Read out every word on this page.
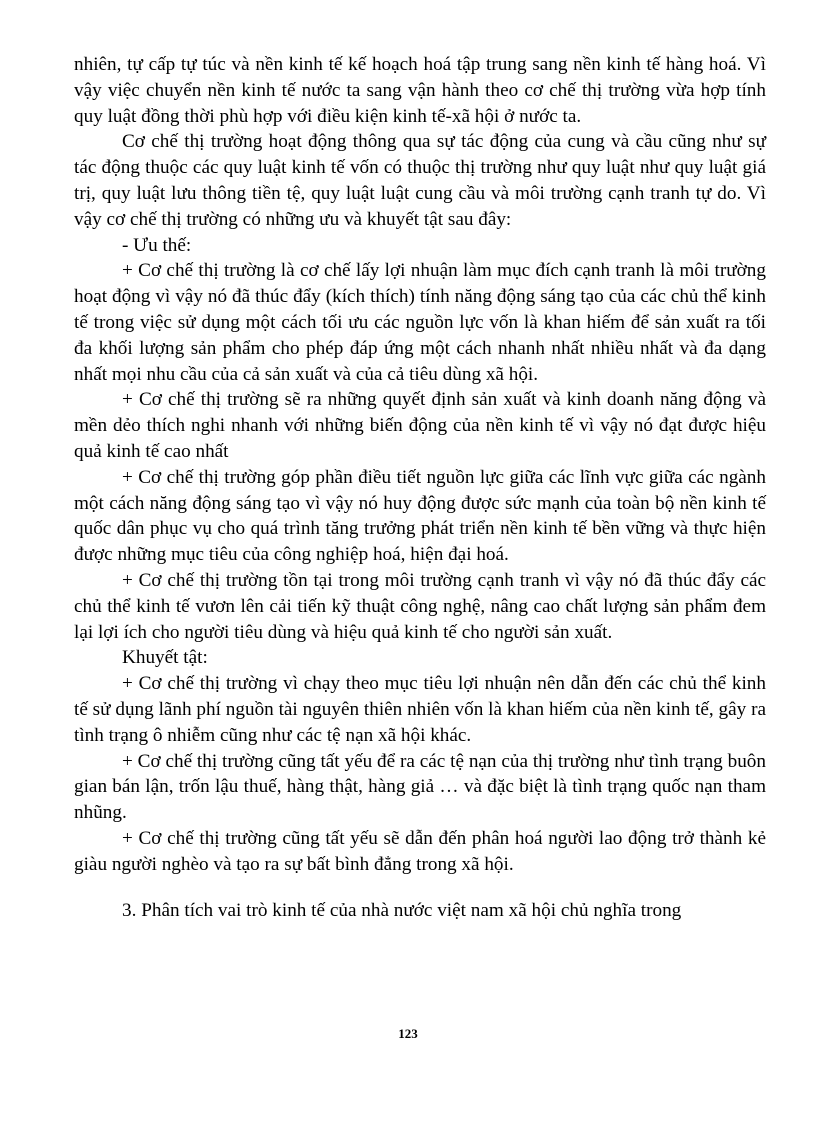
nhiên, tự cấp tự túc và nền kinh tế kế hoạch hoá tập trung sang nền kinh tế hàng hoá. Vì vậy việc chuyển nền kinh tế nước ta sang vận hành theo cơ chế thị trường vừa hợp tính quy luật đồng thời phù hợp với điều kiện kinh tế-xã hội ở nước ta.

Cơ chế thị trường hoạt động thông qua sự tác động của cung và cầu cũng như sự tác động thuộc các quy luật kinh tế vốn có thuộc thị trường như quy luật như quy luật giá trị, quy luật lưu thông tiền tệ, quy luật luật cung cầu và môi trường cạnh tranh tự do. Vì vậy cơ chế thị trường có những ưu và khuyết tật sau đây:

- Ưu thế:

+ Cơ chế thị trường là cơ chế lấy lợi nhuận làm mục đích cạnh tranh là môi trường hoạt động vì vậy nó đã thúc đẩy (kích thích) tính năng động sáng tạo của các chủ thể kinh tế trong việc sử dụng một cách tối ưu các nguồn lực vốn là khan hiếm để sản xuất ra tối đa khối lượng sản phẩm cho phép đáp ứng một cách nhanh nhất nhiều nhất và đa dạng nhất mọi nhu cầu của cả sản xuất và của cả tiêu dùng xã hội.

+ Cơ chế thị trường sẽ ra những quyết định sản xuất và kinh doanh năng động và mền dẻo thích nghi nhanh với những biến động của nền kinh tế vì vậy nó đạt được hiệu quả kinh tế cao nhất

+ Cơ chế thị trường góp phần điều tiết nguồn lực giữa các lĩnh vực giữa các ngành một cách năng động sáng tạo vì vậy nó huy động được sức mạnh của toàn bộ nền kinh tế quốc dân phục vụ cho quá trình tăng trưởng phát triển nền kinh tế bền vững và thực hiện được những mục tiêu của công nghiệp hoá, hiện đại hoá.

+ Cơ chế thị trường tồn tại trong môi trường cạnh tranh vì vậy nó đã thúc đẩy các chủ thể kinh tế vươn lên cải tiến kỹ thuật công nghệ, nâng cao chất lượng sản phẩm đem lại lợi ích cho người tiêu dùng và hiệu quả kinh tế cho người sản xuất.

Khuyết tật:

+ Cơ chế thị trường vì chạy theo mục tiêu lợi nhuận nên dẫn đến các chủ thể kinh tế sử dụng lãnh phí nguồn tài nguyên thiên nhiên vốn là khan hiếm của nền kinh tế, gây ra tình trạng ô nhiễm cũng như các tệ nạn xã hội khác.

+ Cơ chế thị trường cũng tất yếu để ra các tệ nạn của thị trường như tình trạng buôn gian bán lận, trốn lậu thuế, hàng thật, hàng giả … và đặc biệt là tình trạng quốc nạn tham nhũng.

+ Cơ chế thị trường cũng tất yếu sẽ dẫn đến phân hoá người lao động trở thành kẻ giàu người nghèo và tạo ra sự bất bình đẳng trong xã hội.

3. Phân tích vai trò kinh tế của nhà nước việt nam xã hội chủ nghĩa trong

123
